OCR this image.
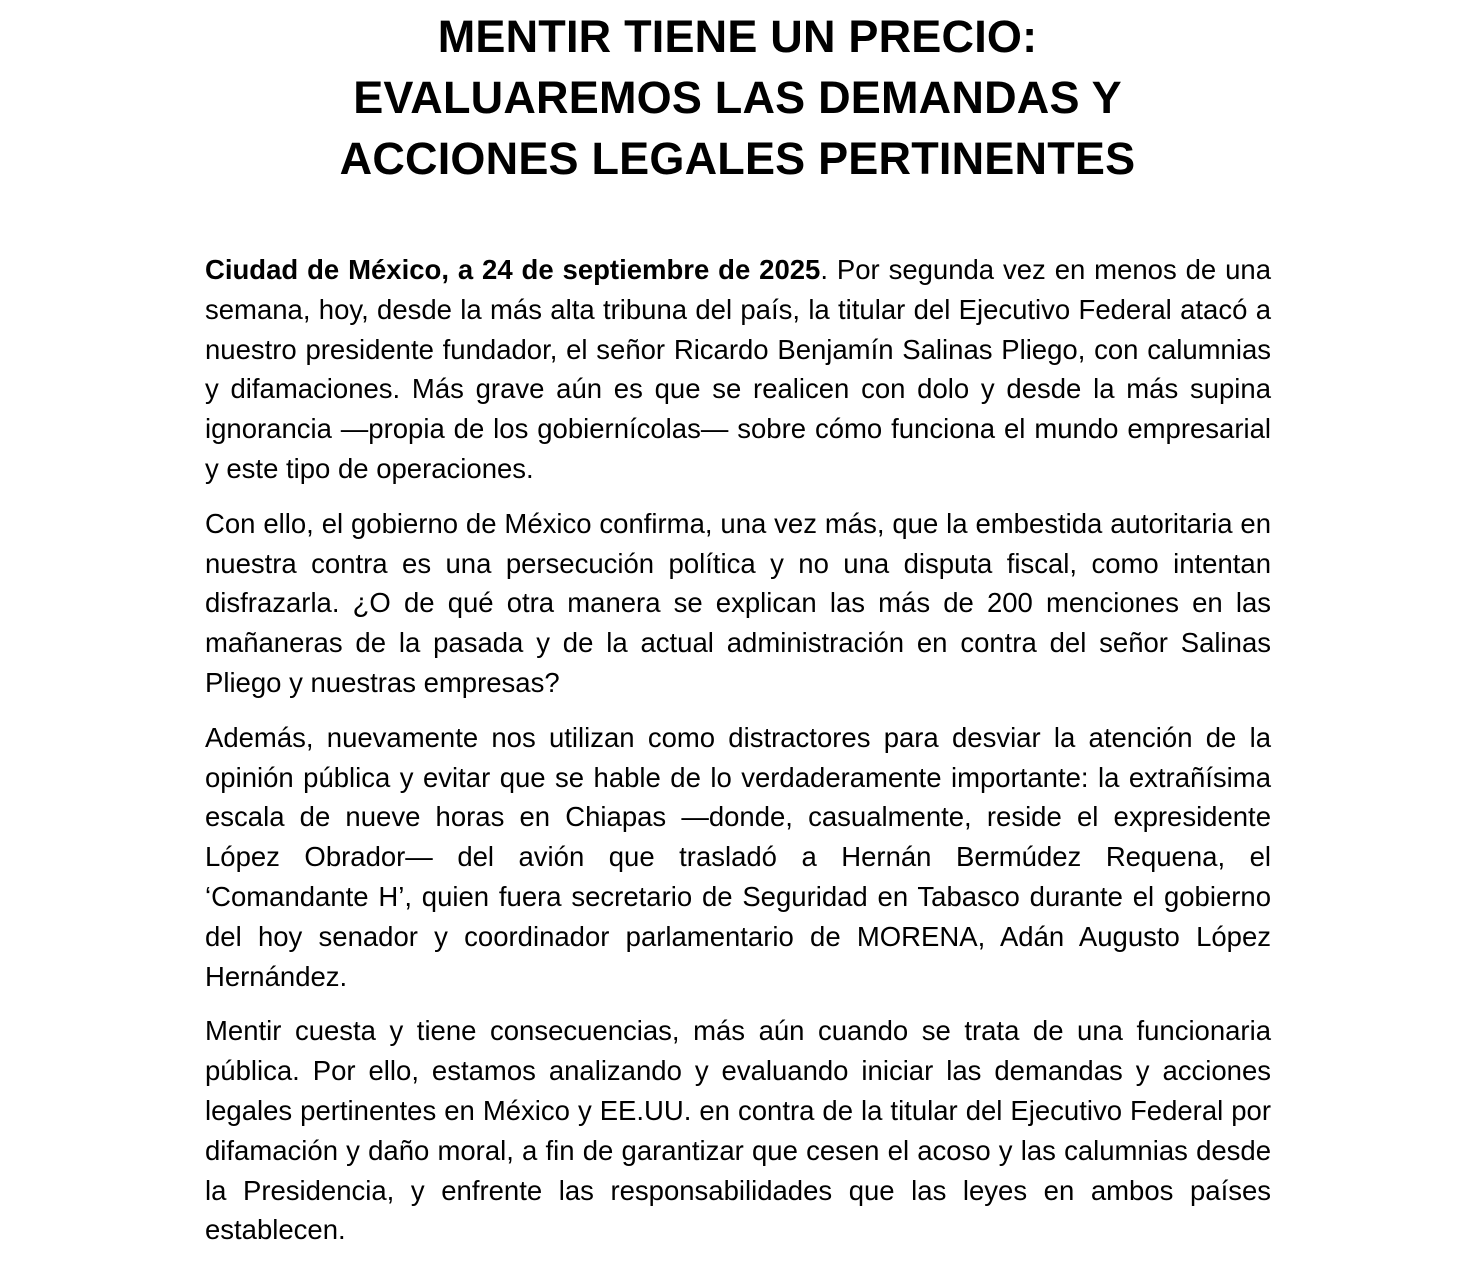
MENTIR TIENE UN PRECIO:
EVALUAREMOS LAS DEMANDAS Y
ACCIONES LEGALES PERTINENTES

Ciudad de México, a 24 de septiembre de 2025. Por segunda vez en menos de una semana, hoy, desde la más alta tribuna del país, la titular del Ejecutivo Federal atacó a nuestro presidente fundador, el señor Ricardo Benjamín Salinas Pliego, con calumnias y difamaciones. Más grave aún es que se realicen con dolo y desde la más supina ignorancia —propia de los gobiernícolas— sobre cómo funciona el mundo empresarial y este tipo de operaciones.

Con ello, el gobierno de México confirma, una vez más, que la embestida autoritaria en nuestra contra es una persecución política y no una disputa fiscal, como intentan disfrazarla. ¿O de qué otra manera se explican las más de 200 menciones en las mañaneras de la pasada y de la actual administración en contra del señor Salinas Pliego y nuestras empresas?

Además, nuevamente nos utilizan como distractores para desviar la atención de la opinión pública y evitar que se hable de lo verdaderamente importante: la extrañísima escala de nueve horas en Chiapas —donde, casualmente, reside el expresidente López Obrador— del avión que trasladó a Hernán Bermúdez Requena, el ‘Comandante H’, quien fuera secretario de Seguridad en Tabasco durante el gobierno del hoy senador y coordinador parlamentario de MORENA, Adán Augusto López Hernández.

Mentir cuesta y tiene consecuencias, más aún cuando se trata de una funcionaria pública. Por ello, estamos analizando y evaluando iniciar las demandas y acciones legales pertinentes en México y EE.UU. en contra de la titular del Ejecutivo Federal por difamación y daño moral, a fin de garantizar que cesen el acoso y las calumnias desde la Presidencia, y enfrente las responsabilidades que las leyes en ambos países establecen.
